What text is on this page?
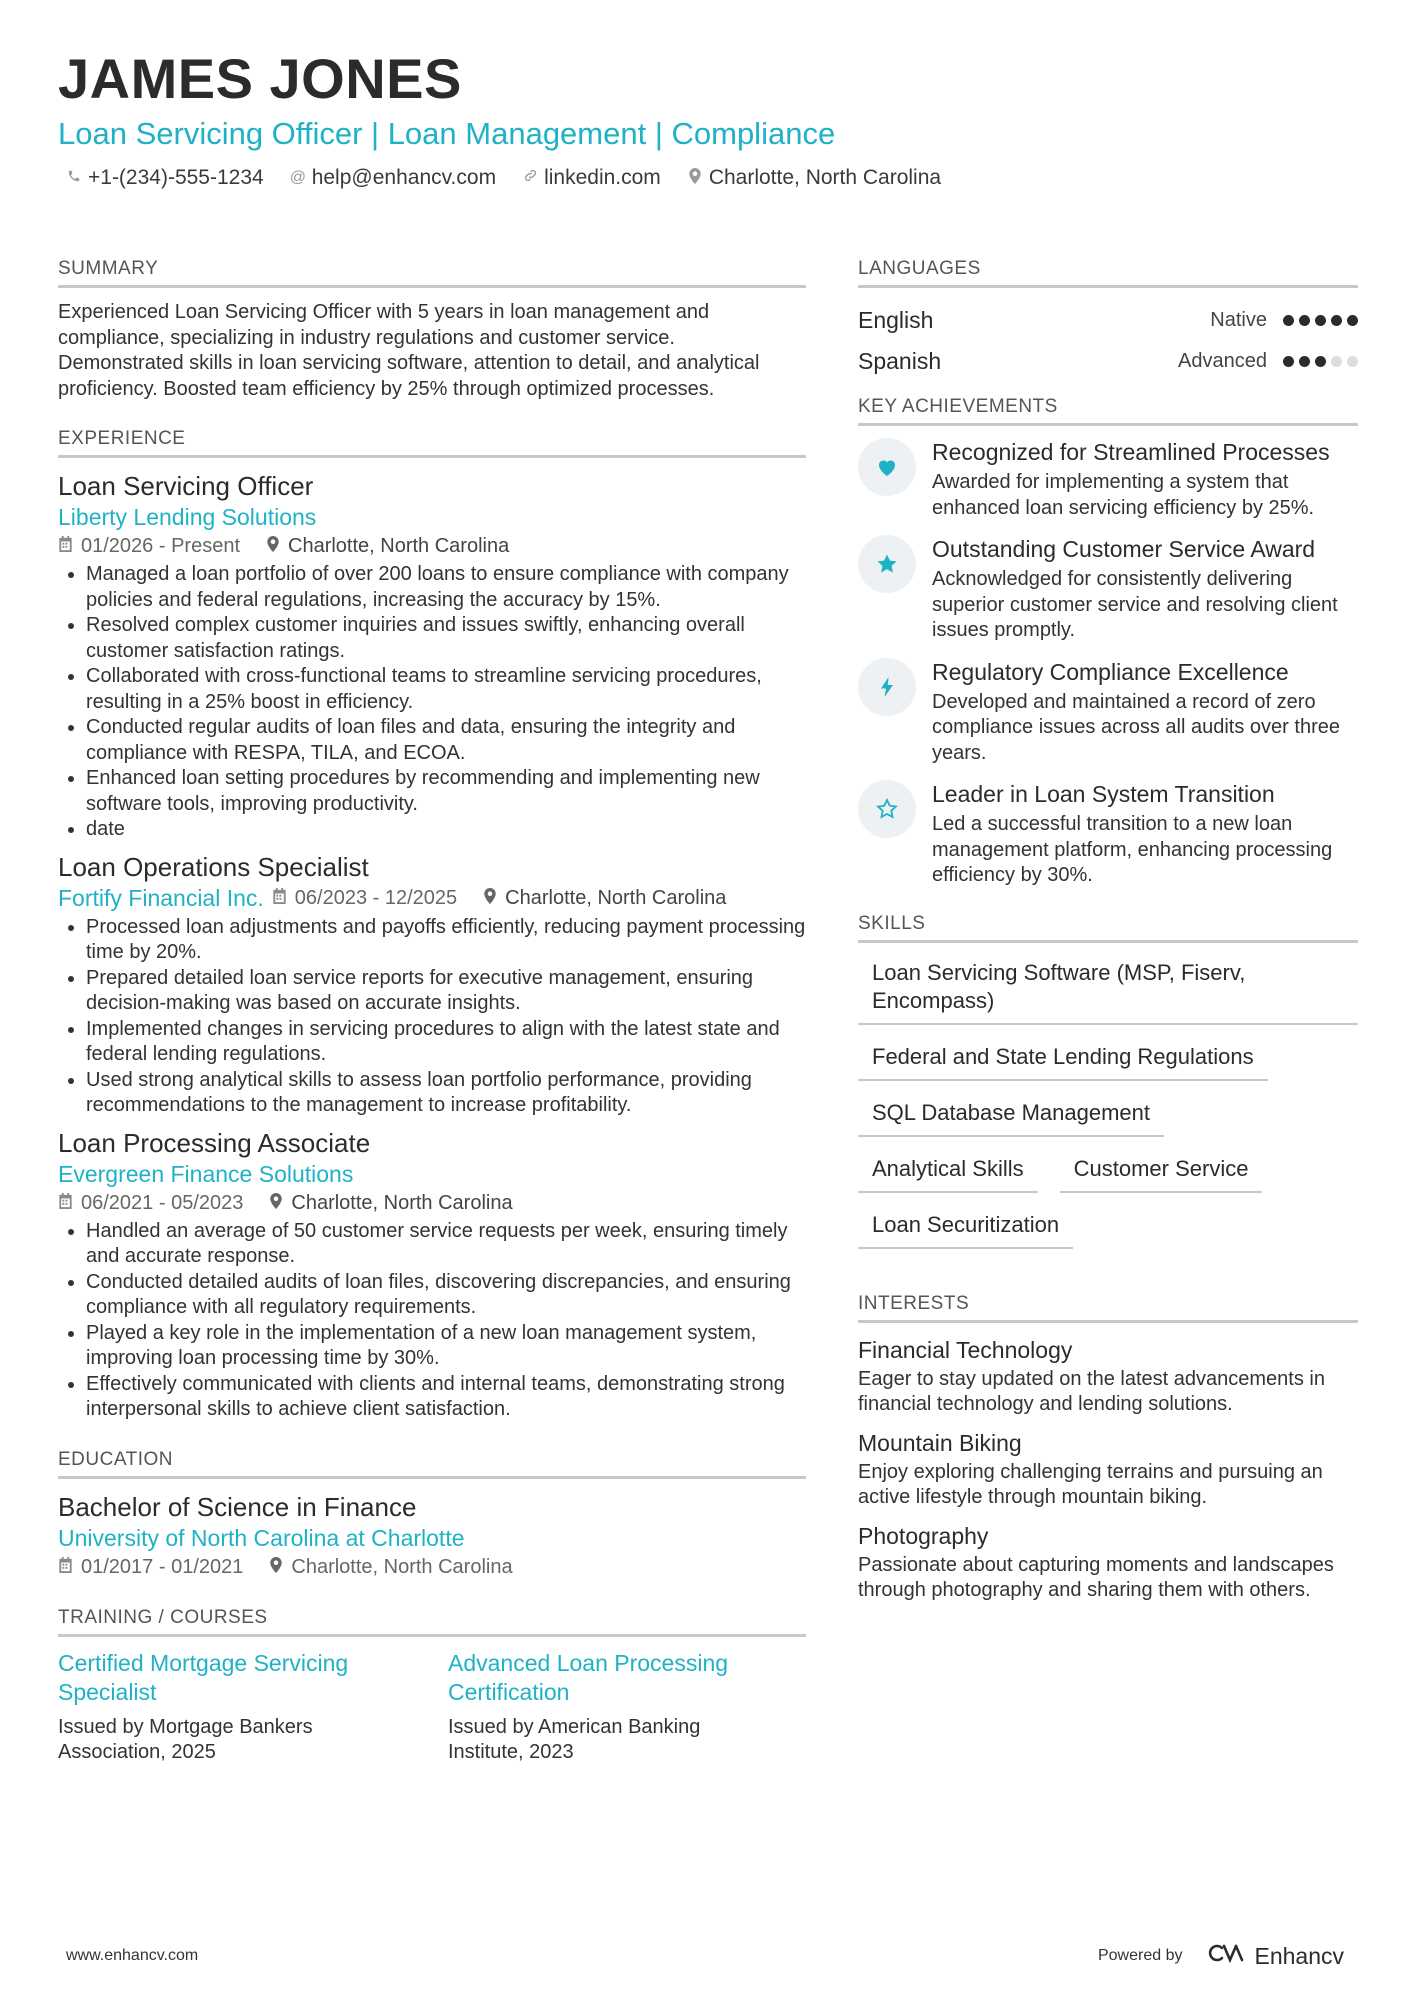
JAMES JONES
Loan Servicing Officer | Loan Management | Compliance
+1-(234)-555-1234 @ help@enhancv.com linkedin.com Charlotte, North Carolina
SUMMARY
Experienced Loan Servicing Officer with 5 years in loan management and compliance, specializing in industry regulations and customer service. Demonstrated skills in loan servicing software, attention to detail, and analytical proficiency. Boosted team efficiency by 25% through optimized processes.
EXPERIENCE
Loan Servicing Officer
Liberty Lending Solutions
01/2026 - Present Charlotte, North Carolina
• Managed a loan portfolio of over 200 loans to ensure compliance with company policies and federal regulations, increasing the accuracy by 15%.
• Resolved complex customer inquiries and issues swiftly, enhancing overall customer satisfaction ratings.
• Collaborated with cross-functional teams to streamline servicing procedures, resulting in a 25% boost in efficiency.
• Conducted regular audits of loan files and data, ensuring the integrity and compliance with RESPA, TILA, and ECOA.
• Enhanced loan setting procedures by recommending and implementing new software tools, improving productivity.
• date
Loan Operations Specialist
Fortify Financial Inc. 06/2023 - 12/2025 Charlotte, North Carolina
• Processed loan adjustments and payoffs efficiently, reducing payment processing time by 20%.
• Prepared detailed loan service reports for executive management, ensuring decision-making was based on accurate insights.
• Implemented changes in servicing procedures to align with the latest state and federal lending regulations.
• Used strong analytical skills to assess loan portfolio performance, providing recommendations to the management to increase profitability.
Loan Processing Associate
Evergreen Finance Solutions
06/2021 - 05/2023 Charlotte, North Carolina
• Handled an average of 50 customer service requests per week, ensuring timely and accurate response.
• Conducted detailed audits of loan files, discovering discrepancies, and ensuring compliance with all regulatory requirements.
• Played a key role in the implementation of a new loan management system, improving loan processing time by 30%.
• Effectively communicated with clients and internal teams, demonstrating strong interpersonal skills to achieve client satisfaction.
EDUCATION
Bachelor of Science in Finance
University of North Carolina at Charlotte
01/2017 - 01/2021 Charlotte, North Carolina
TRAINING / COURSES
Certified Mortgage Servicing Specialist
Issued by Mortgage Bankers Association, 2025
Advanced Loan Processing Certification
Issued by American Banking Institute, 2023
LANGUAGES
English	Native
Spanish	Advanced
KEY ACHIEVEMENTS
Recognized for Streamlined Processes
Awarded for implementing a system that enhanced loan servicing efficiency by 25%.
Outstanding Customer Service Award
Acknowledged for consistently delivering superior customer service and resolving client issues promptly.
Regulatory Compliance Excellence
Developed and maintained a record of zero compliance issues across all audits over three years.
Leader in Loan System Transition
Led a successful transition to a new loan management platform, enhancing processing efficiency by 30%.
SKILLS
Loan Servicing Software (MSP, Fiserv, Encompass)
Federal and State Lending Regulations
SQL Database Management
Analytical Skills	Customer Service
Loan Securitization
INTERESTS
Financial Technology
Eager to stay updated on the latest advancements in financial technology and lending solutions.
Mountain Biking
Enjoy exploring challenging terrains and pursuing an active lifestyle through mountain biking.
Photography
Passionate about capturing moments and landscapes through photography and sharing them with others.
www.enhancv.com	Powered by	Enhancv
